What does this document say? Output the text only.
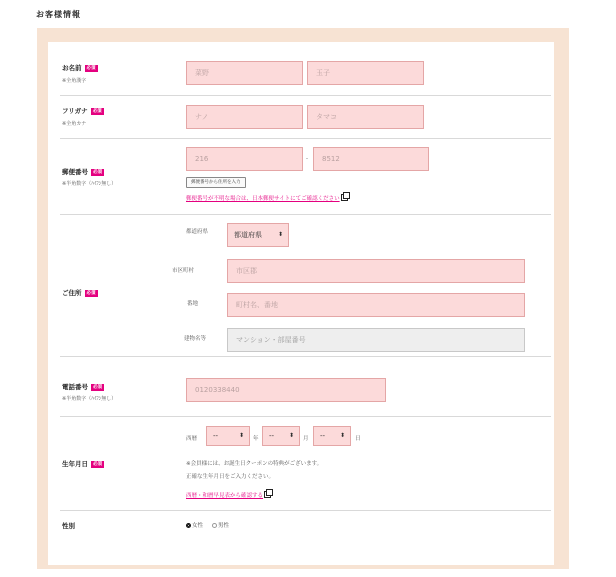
お客様情報
お名前 必須
※全角漢字
菜野	玉子
フリガナ 必須
※全角カナ
ナノ	タマコ
郵便番号 必須
※半角数字（ﾊｲﾌﾝ無し）
216	-	8512
郵便番号から住所を入力
郵便番号が不明な場合は、日本郵便サイトにてご確認ください
ご住所 必須
都道府県	都道府県	⬍
市区町村	市区郡
番地	町村名、番地
建物名等	マンション・部屋番号
電話番号 必須
※半角数字（ﾊｲﾌﾝ無し）
0120338440
生年月日 必須
西暦	--	⬍ 年	-- ⬍ 月	-- ⬍ 日
※会員様には、お誕生日クーポンの特典がございます。
正確な生年月日をご入力ください。
西暦・和暦早見表から確認する
性別	女性	男性
